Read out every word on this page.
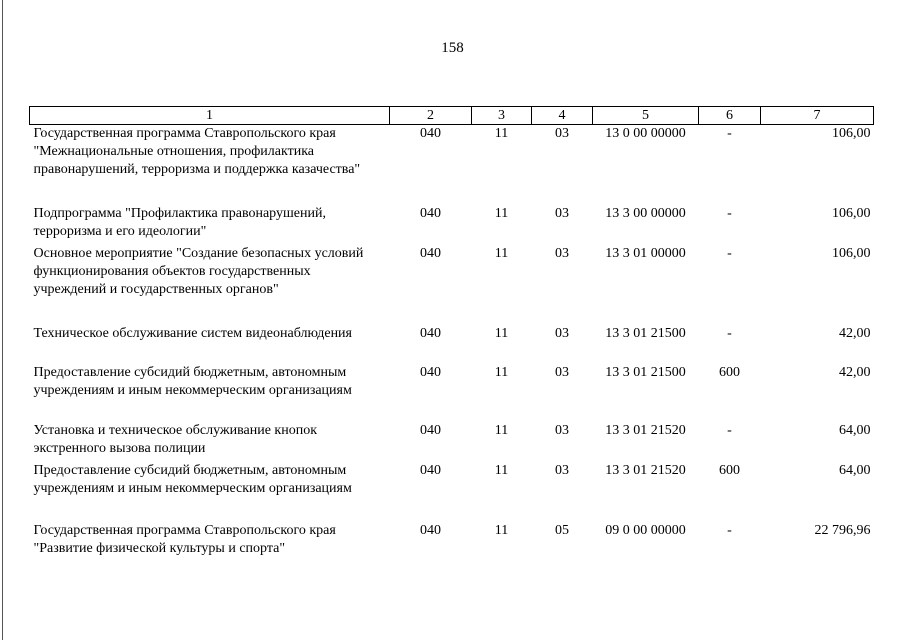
158
1	2	3	4	5	6	7
Государственная программа Ставропольского края "Межнациональные отношения, профилактика правонарушений, терроризма и поддержка казачества"	040	11	03	13 0 00 00000	-	106,00
Подпрограмма "Профилактика правонарушений, терроризма и его идеологии"	040	11	03	13 3 00 00000	-	106,00
Основное мероприятие "Создание безопасных условий функционирования объектов государственных учреждений и государственных органов"	040	11	03	13 3 01 00000	-	106,00
Техническое обслуживание систем видеонаблюдения	040	11	03	13 3 01 21500	-	42,00
Предоставление субсидий бюджетным, автономным учреждениям и иным некоммерческим организациям	040	11	03	13 3 01 21500	600	42,00
Установка и техническое обслуживание кнопок экстренного вызова полиции	040	11	03	13 3 01 21520	-	64,00
Предоставление субсидий бюджетным, автономным учреждениям и иным некоммерческим организациям	040	11	03	13 3 01 21520	600	64,00
Государственная программа Ставропольского края "Развитие физической культуры и спорта"	040	11	05	09 0 00 00000	-	22 796,96
